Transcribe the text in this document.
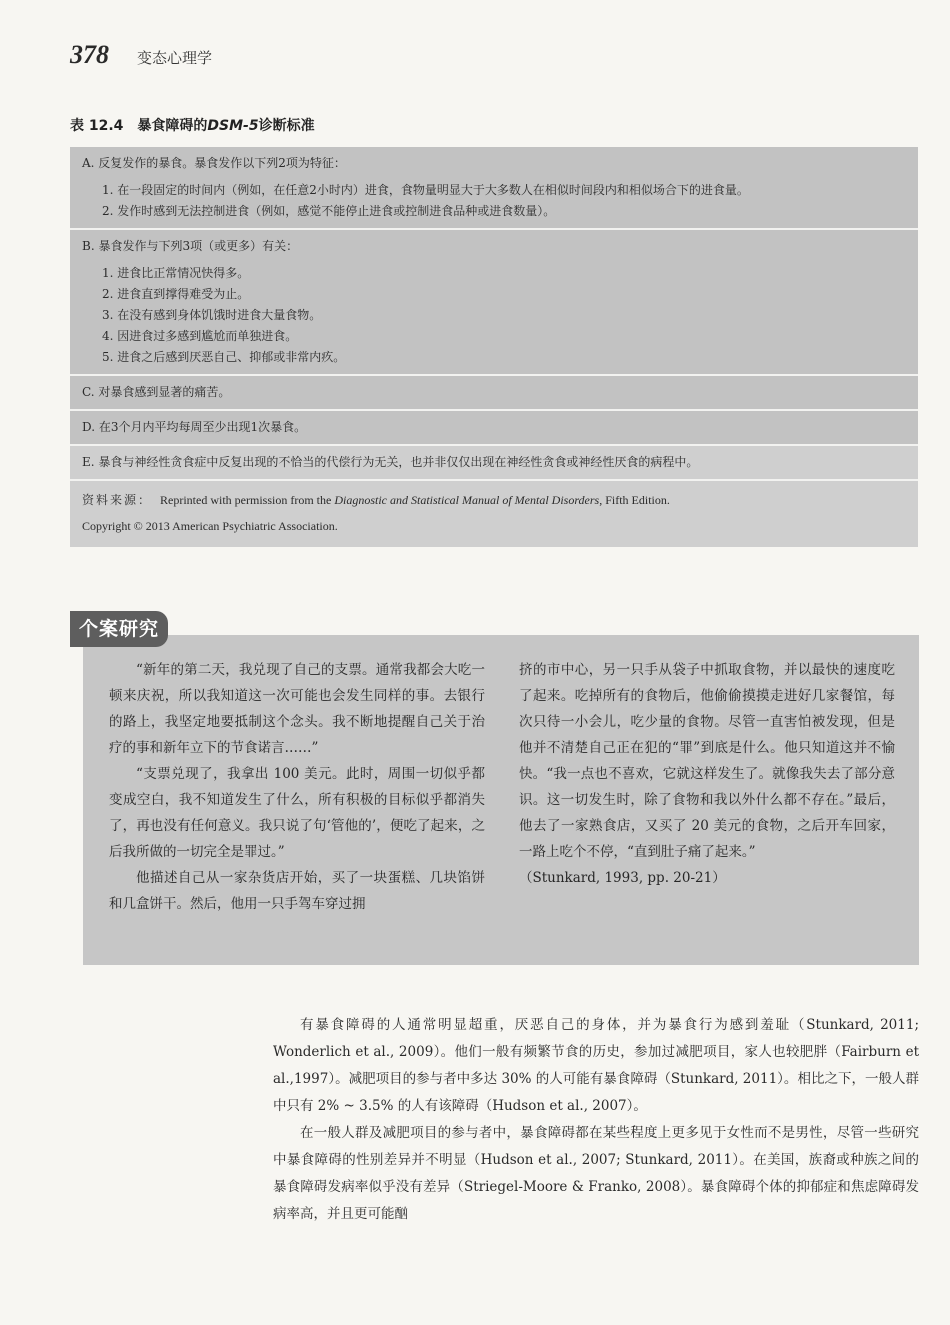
378 变态心理学
表 12.4 暴食障碍的DSM-5诊断标准
A. 反复发作的暴食。暴食发作以下列2项为特征：
1. 在一段固定的时间内（例如，在任意2小时内）进食，食物量明显大于大多数人在相似时间段内和相似场合下的进食量。
2. 发作时感到无法控制进食（例如，感觉不能停止进食或控制进食品种或进食数量）。
B. 暴食发作与下列3项（或更多）有关：
1. 进食比正常情况快得多。
2. 进食直到撑得难受为止。
3. 在没有感到身体饥饿时进食大量食物。
4. 因进食过多感到尴尬而单独进食。
5. 进食之后感到厌恶自己、抑郁或非常内疚。
C. 对暴食感到显著的痛苦。
D. 在3个月内平均每周至少出现1次暴食。
E. 暴食与神经性贪食症中反复出现的不恰当的代偿行为无关，也并非仅仅出现在神经性贪食或神经性厌食的病程中。
资料来源： Reprinted with permission from the Diagnostic and Statistical Manual of Mental Disorders, Fifth Edition.
Copyright © 2013 American Psychiatric Association.
个案研究

“新年的第二天，我兑现了自己的支票。通常我都会大吃一顿来庆祝，所以我知道这一次可能也会发生同样的事。去银行的路上，我坚定地要抵制这个念头。我不断地提醒自己关于治疗的事和新年立下的节食诺言……”

“支票兑现了，我拿出 100 美元。此时，周围一切似乎都变成空白，我不知道发生了什么，所有积极的目标似乎都消失了，再也没有任何意义。我只说了句‘管他的’，便吃了起来，之后我所做的一切完全是罪过。”

他描述自己从一家杂货店开始，买了一块蛋糕、几块馅饼和几盒饼干。然后，他用一只手驾车穿过拥

挤的市中心，另一只手从袋子中抓取食物，并以最快的速度吃了起来。吃掉所有的食物后，他偷偷摸摸走进好几家餐馆，每次只待一小会儿，吃少量的食物。尽管一直害怕被发现，但是他并不清楚自己正在犯的“罪”到底是什么。他只知道这并不愉快。“我一点也不喜欢，它就这样发生了。就像我失去了部分意识。这一切发生时，除了食物和我以外什么都不存在。”最后，他去了一家熟食店，又买了 20 美元的食物，之后开车回家，一路上吃个不停，“直到肚子痛了起来。”

（Stunkard, 1993, pp. 20-21）

有暴食障碍的人通常明显超重，厌恶自己的身体，并为暴食行为感到羞耻（Stunkard, 2011; Wonderlich et al., 2009）。他们一般有频繁节食的历史，参加过减肥项目，家人也较肥胖（Fairburn et al.,1997）。减肥项目的参与者中多达 30% 的人可能有暴食障碍（Stunkard, 2011）。相比之下，一般人群中只有 2% ~ 3.5% 的人有该障碍（Hudson et al., 2007）。

在一般人群及减肥项目的参与者中，暴食障碍都在某些程度上更多见于女性而不是男性，尽管一些研究中暴食障碍的性别差异并不明显（Hudson et al., 2007; Stunkard, 2011）。在美国，族裔或种族之间的暴食障碍发病率似乎没有差异（Striegel-Moore & Franko, 2008）。暴食障碍个体的抑郁症和焦虑障碍发病率高，并且更可能酗
